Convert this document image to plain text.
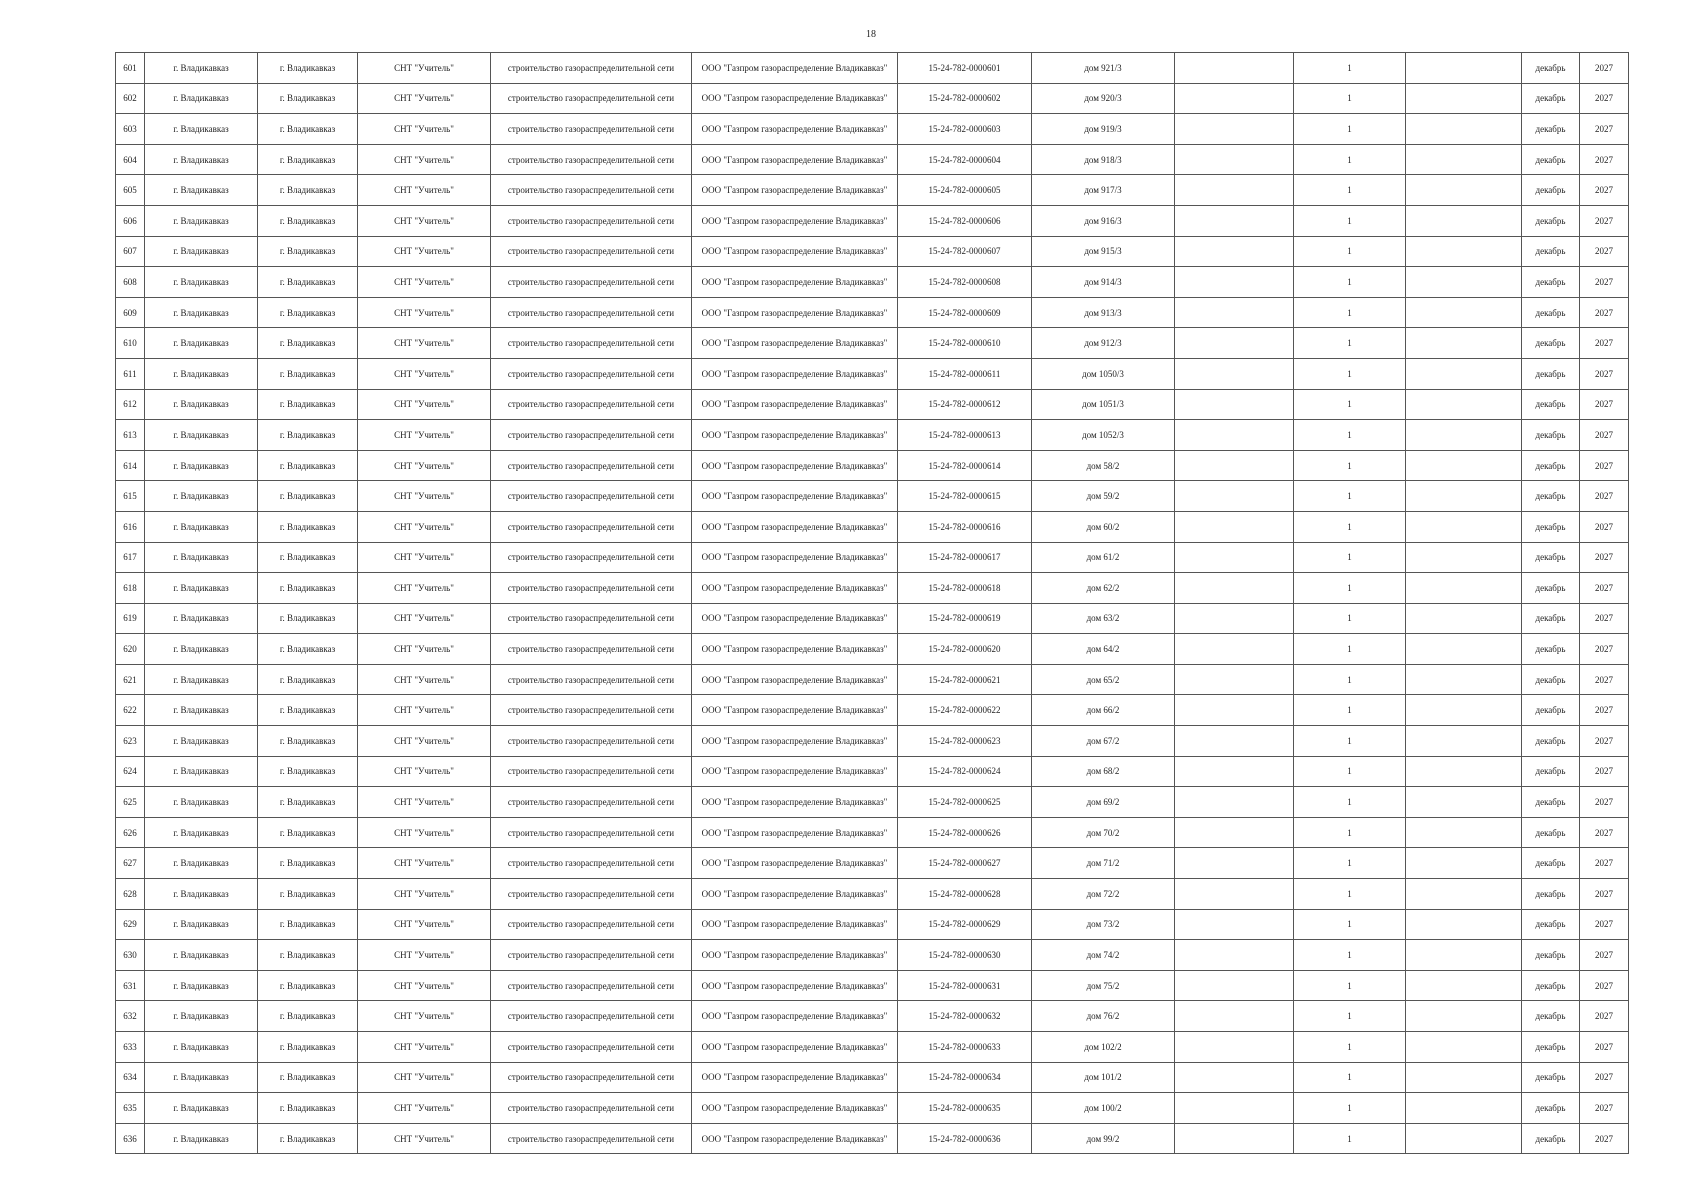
18
601	г. Владикавказ	г. Владикавказ	СНТ "Учитель"	строительство газораспределительной сети	ООО "Газпром газораспределение Владикавказ"	15-24-782-0000601	дом 921/3		1		декабрь	2027
602	г. Владикавказ	г. Владикавказ	СНТ "Учитель"	строительство газораспределительной сети	ООО "Газпром газораспределение Владикавказ"	15-24-782-0000602	дом 920/3		1		декабрь	2027
603	г. Владикавказ	г. Владикавказ	СНТ "Учитель"	строительство газораспределительной сети	ООО "Газпром газораспределение Владикавказ"	15-24-782-0000603	дом 919/3		1		декабрь	2027
604	г. Владикавказ	г. Владикавказ	СНТ "Учитель"	строительство газораспределительной сети	ООО "Газпром газораспределение Владикавказ"	15-24-782-0000604	дом 918/3		1		декабрь	2027
605	г. Владикавказ	г. Владикавказ	СНТ "Учитель"	строительство газораспределительной сети	ООО "Газпром газораспределение Владикавказ"	15-24-782-0000605	дом 917/3		1		декабрь	2027
606	г. Владикавказ	г. Владикавказ	СНТ "Учитель"	строительство газораспределительной сети	ООО "Газпром газораспределение Владикавказ"	15-24-782-0000606	дом 916/3		1		декабрь	2027
607	г. Владикавказ	г. Владикавказ	СНТ "Учитель"	строительство газораспределительной сети	ООО "Газпром газораспределение Владикавказ"	15-24-782-0000607	дом 915/3		1		декабрь	2027
608	г. Владикавказ	г. Владикавказ	СНТ "Учитель"	строительство газораспределительной сети	ООО "Газпром газораспределение Владикавказ"	15-24-782-0000608	дом 914/3		1		декабрь	2027
609	г. Владикавказ	г. Владикавказ	СНТ "Учитель"	строительство газораспределительной сети	ООО "Газпром газораспределение Владикавказ"	15-24-782-0000609	дом 913/3		1		декабрь	2027
610	г. Владикавказ	г. Владикавказ	СНТ "Учитель"	строительство газораспределительной сети	ООО "Газпром газораспределение Владикавказ"	15-24-782-0000610	дом 912/3		1		декабрь	2027
611	г. Владикавказ	г. Владикавказ	СНТ "Учитель"	строительство газораспределительной сети	ООО "Газпром газораспределение Владикавказ"	15-24-782-0000611	дом 1050/3		1		декабрь	2027
612	г. Владикавказ	г. Владикавказ	СНТ "Учитель"	строительство газораспределительной сети	ООО "Газпром газораспределение Владикавказ"	15-24-782-0000612	дом 1051/3		1		декабрь	2027
613	г. Владикавказ	г. Владикавказ	СНТ "Учитель"	строительство газораспределительной сети	ООО "Газпром газораспределение Владикавказ"	15-24-782-0000613	дом 1052/3		1		декабрь	2027
614	г. Владикавказ	г. Владикавказ	СНТ "Учитель"	строительство газораспределительной сети	ООО "Газпром газораспределение Владикавказ"	15-24-782-0000614	дом 58/2		1		декабрь	2027
615	г. Владикавказ	г. Владикавказ	СНТ "Учитель"	строительство газораспределительной сети	ООО "Газпром газораспределение Владикавказ"	15-24-782-0000615	дом 59/2		1		декабрь	2027
616	г. Владикавказ	г. Владикавказ	СНТ "Учитель"	строительство газораспределительной сети	ООО "Газпром газораспределение Владикавказ"	15-24-782-0000616	дом 60/2		1		декабрь	2027
617	г. Владикавказ	г. Владикавказ	СНТ "Учитель"	строительство газораспределительной сети	ООО "Газпром газораспределение Владикавказ"	15-24-782-0000617	дом 61/2		1		декабрь	2027
618	г. Владикавказ	г. Владикавказ	СНТ "Учитель"	строительство газораспределительной сети	ООО "Газпром газораспределение Владикавказ"	15-24-782-0000618	дом 62/2		1		декабрь	2027
619	г. Владикавказ	г. Владикавказ	СНТ "Учитель"	строительство газораспределительной сети	ООО "Газпром газораспределение Владикавказ"	15-24-782-0000619	дом 63/2		1		декабрь	2027
620	г. Владикавказ	г. Владикавказ	СНТ "Учитель"	строительство газораспределительной сети	ООО "Газпром газораспределение Владикавказ"	15-24-782-0000620	дом 64/2		1		декабрь	2027
621	г. Владикавказ	г. Владикавказ	СНТ "Учитель"	строительство газораспределительной сети	ООО "Газпром газораспределение Владикавказ"	15-24-782-0000621	дом 65/2		1		декабрь	2027
622	г. Владикавказ	г. Владикавказ	СНТ "Учитель"	строительство газораспределительной сети	ООО "Газпром газораспределение Владикавказ"	15-24-782-0000622	дом 66/2		1		декабрь	2027
623	г. Владикавказ	г. Владикавказ	СНТ "Учитель"	строительство газораспределительной сети	ООО "Газпром газораспределение Владикавказ"	15-24-782-0000623	дом 67/2		1		декабрь	2027
624	г. Владикавказ	г. Владикавказ	СНТ "Учитель"	строительство газораспределительной сети	ООО "Газпром газораспределение Владикавказ"	15-24-782-0000624	дом 68/2		1		декабрь	2027
625	г. Владикавказ	г. Владикавказ	СНТ "Учитель"	строительство газораспределительной сети	ООО "Газпром газораспределение Владикавказ"	15-24-782-0000625	дом 69/2		1		декабрь	2027
626	г. Владикавказ	г. Владикавказ	СНТ "Учитель"	строительство газораспределительной сети	ООО "Газпром газораспределение Владикавказ"	15-24-782-0000626	дом 70/2		1		декабрь	2027
627	г. Владикавказ	г. Владикавказ	СНТ "Учитель"	строительство газораспределительной сети	ООО "Газпром газораспределение Владикавказ"	15-24-782-0000627	дом 71/2		1		декабрь	2027
628	г. Владикавказ	г. Владикавказ	СНТ "Учитель"	строительство газораспределительной сети	ООО "Газпром газораспределение Владикавказ"	15-24-782-0000628	дом 72/2		1		декабрь	2027
629	г. Владикавказ	г. Владикавказ	СНТ "Учитель"	строительство газораспределительной сети	ООО "Газпром газораспределение Владикавказ"	15-24-782-0000629	дом 73/2		1		декабрь	2027
630	г. Владикавказ	г. Владикавказ	СНТ "Учитель"	строительство газораспределительной сети	ООО "Газпром газораспределение Владикавказ"	15-24-782-0000630	дом 74/2		1		декабрь	2027
631	г. Владикавказ	г. Владикавказ	СНТ "Учитель"	строительство газораспределительной сети	ООО "Газпром газораспределение Владикавказ"	15-24-782-0000631	дом 75/2		1		декабрь	2027
632	г. Владикавказ	г. Владикавказ	СНТ "Учитель"	строительство газораспределительной сети	ООО "Газпром газораспределение Владикавказ"	15-24-782-0000632	дом 76/2		1		декабрь	2027
633	г. Владикавказ	г. Владикавказ	СНТ "Учитель"	строительство газораспределительной сети	ООО "Газпром газораспределение Владикавказ"	15-24-782-0000633	дом 102/2		1		декабрь	2027
634	г. Владикавказ	г. Владикавказ	СНТ "Учитель"	строительство газораспределительной сети	ООО "Газпром газораспределение Владикавказ"	15-24-782-0000634	дом 101/2		1		декабрь	2027
635	г. Владикавказ	г. Владикавказ	СНТ "Учитель"	строительство газораспределительной сети	ООО "Газпром газораспределение Владикавказ"	15-24-782-0000635	дом 100/2		1		декабрь	2027
636	г. Владикавказ	г. Владикавказ	СНТ "Учитель"	строительство газораспределительной сети	ООО "Газпром газораспределение Владикавказ"	15-24-782-0000636	дом 99/2		1		декабрь	2027
